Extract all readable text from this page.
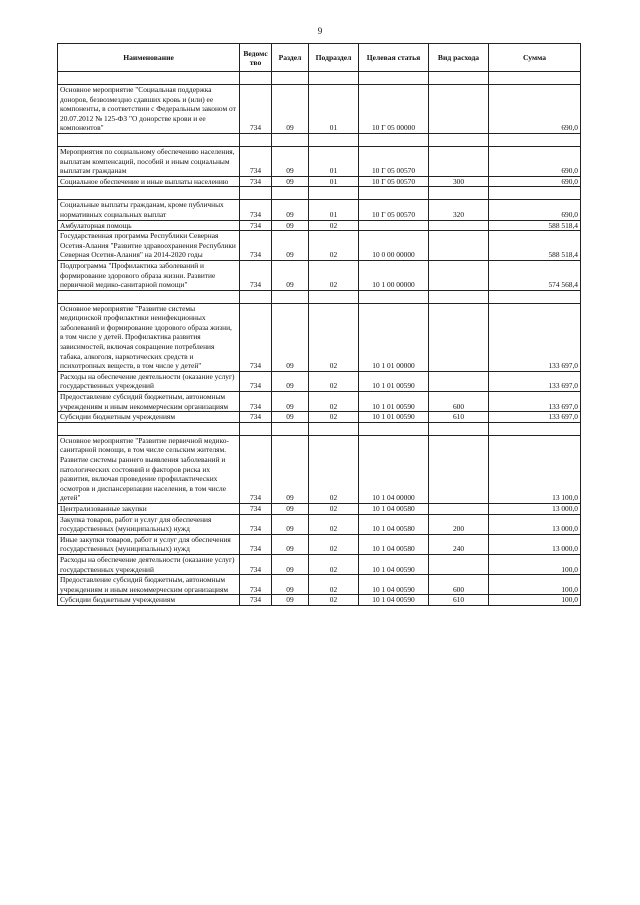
9
Наименование	Ведомс тво	Раздел	Подраздел	Целевая статья	Вид расхода	Сумма

Основное мероприятие "Социальная поддержка доноров, безвозмездно сдавших кровь и (или) ее компоненты, в соответствии с Федеральным законом от 20.07.2012 № 125-ФЗ "О донорстве крови и ее компонентов"	734	09	01	10 Г 05 00000		690,0

Мероприятия по социальному обеспечению населения, выплатам компенсаций, пособий и иным социальным выплатам гражданам	734	09	01	10 Г 05 00570		690,0
Социальное обеспечение и иные выплаты населению	734	09	01	10 Г 05 00570	300	690,0

Социальные выплаты гражданам, кроме публичных нормативных социальных выплат	734	09	01	10 Г 05 00570	320	690,0
Амбулаторная помощь	734	09	02			588 518,4
Государственная программа Республики Северная Осетия-Алания "Развитие здравоохранения Республики Северная Осетия-Алания" на 2014-2020 годы	734	09	02	10 0 00 00000		588 518,4
Подпрограмма "Профилактика заболеваний и формирование здорового образа жизни. Развитие первичной медико-санитарной помощи"	734	09	02	10 1 00 00000		574 568,4

Основное мероприятие "Развитие системы медицинской профилактики неинфекционных заболеваний и формирование здорового образа жизни, в том числе у детей. Профилактика развития зависимостей, включая сокращение потребления табака, алкоголя, наркотических средств и психотропных веществ, в том числе у детей"	734	09	02	10 1 01 00000		133 697,0
Расходы на обеспечение деятельности (оказание услуг) государственных учреждений	734	09	02	10 1 01 00590		133 697,0
Предоставление субсидий бюджетным, автономным учреждениям и иным некоммерческим организациям	734	09	02	10 1 01 00590	600	133 697,0
Субсидии бюджетным учреждениям	734	09	02	10 1 01 00590	610	133 697,0

Основное мероприятие "Развитие первичной медико-санитарной помощи, в том числе сельским жителям. Развитие системы раннего выявления заболеваний и патологических состояний и факторов риска их развития, включая проведение профилактических осмотров и диспансеризации населения, в том числе детей"	734	09	02	10 1 04 00000		13 100,0
Централизованные закупки	734	09	02	10 1 04 00580		13 000,0
Закупка товаров, работ и услуг для обеспечения государственных (муниципальных) нужд	734	09	02	10 1 04 00580	200	13 000,0
Иные закупки товаров, работ и услуг для обеспечения государственных (муниципальных) нужд	734	09	02	10 1 04 00580	240	13 000,0
Расходы на обеспечение деятельности (оказание услуг) государственных учреждений	734	09	02	10 1 04 00590		100,0
Предоставление субсидий бюджетным, автономным учреждениям и иным некоммерческим организациям	734	09	02	10 1 04 00590	600	100,0
Субсидии бюджетным учреждениям	734	09	02	10 1 04 00590	610	100,0
